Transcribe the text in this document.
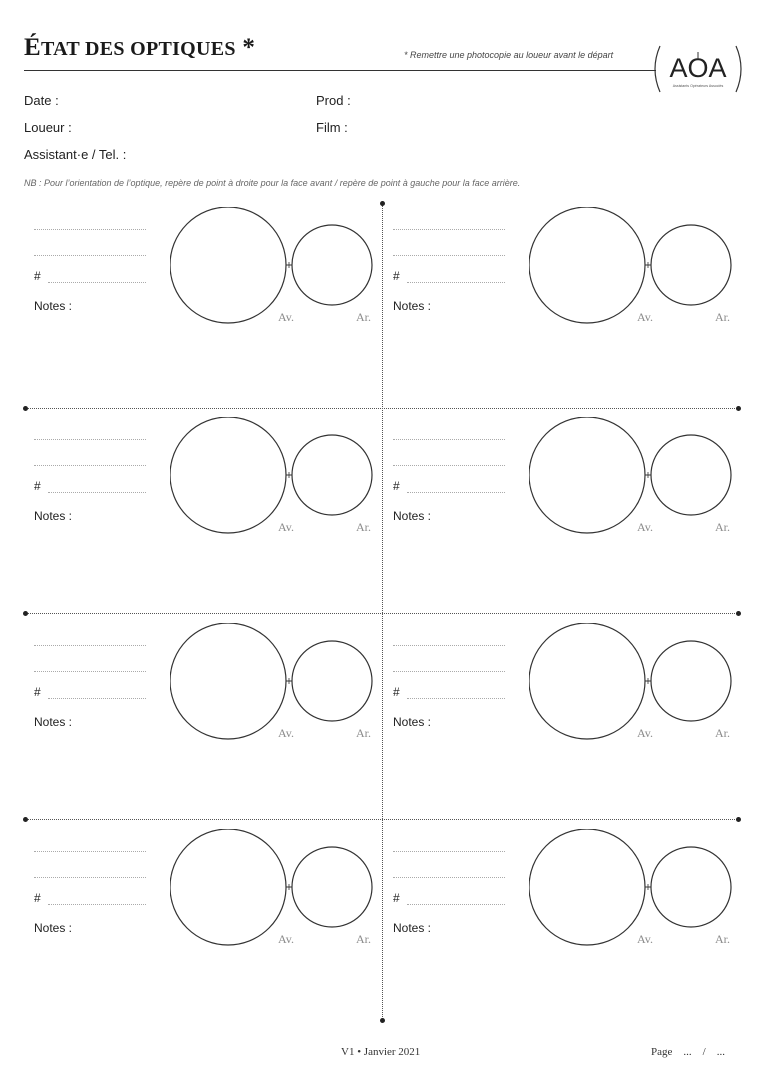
ÉTAT DES OPTIQUES *	* Remettre une photocopie au loueur avant le départ AOA
Assistants Opérateurs Associés
Date :	Prod :
Loueur :	Film :
Assistant·e / Tel. :
NB : Pour l’orientation de l’optique, repère de point à droite pour la face avant / repère de point à gauche pour la face arrière.
#
Notes :
Av.	Ar.
#
Notes :
Av.	Ar.
#
Notes :
Av.	Ar.
#
Notes :
Av.	Ar.
#
Notes :
Av.	Ar.
#
Notes :
Av.	Ar.
#
Notes :
Av.	Ar.
#
Notes :
Av.	Ar.
V1 • Janvier 2021	Page    ...    /    ...
